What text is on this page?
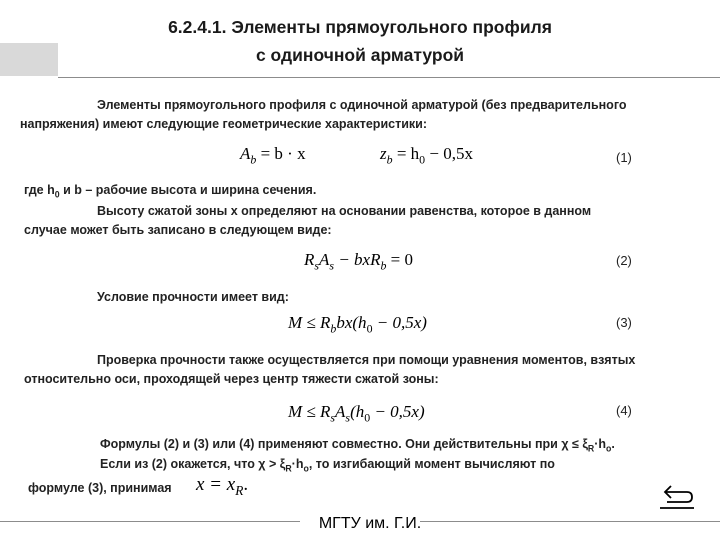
6.2.4.1. Элементы прямоугольного профиля
с одиночной арматурой
Элементы прямоугольного профиля с одиночной арматурой (без предварительного
напряжения) имеют следующие геометрические характеристики:
$A_b = b \cdot x$	$z_b = h_0 - 0,5x$	(1)
где $h_0$ и b – рабочие высота и ширина сечения.
Высоту сжатой зоны x определяют на основании равенства, которое в данном
случае может быть записано в следующем виде:
$R_sA_s - bxR_b = 0$	(2)
Условие прочности имеет вид:
$M \le R_bbx(h_0 - 0,5x)$	(3)
Проверка прочности также осуществляется при помощи уравнения моментов, взятых
относительно оси, проходящей через центр тяжести сжатой зоны:
$M \le R_sA_s(h_0 - 0,5x)$	(4)
Формулы (2) и (3) или (4) применяют совместно. Они действительны при $\chi \le \xi_R\cdot h_о$.
Если из (2) окажется, что $\chi > \xi_R\cdot h_о$, то изгибающий момент вычисляют по
формуле (3), принимая $x = x_R$.
МГТУ им. Г.И.
